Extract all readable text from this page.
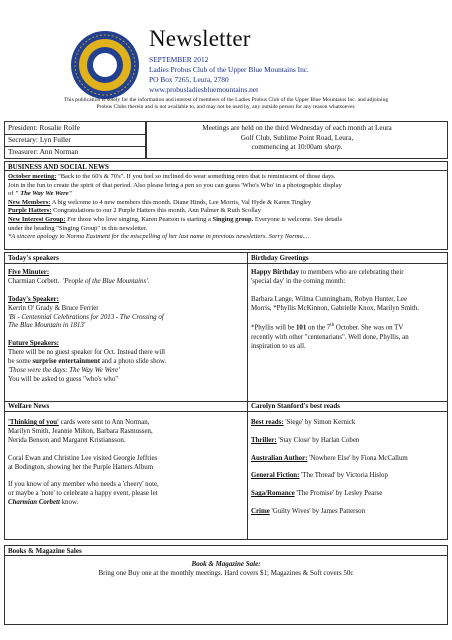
Newsletter
SEPTEMBER 2012
Ladies Probus Club of the Upper Blue Mountains Inc.
PO Box 7265, Leura, 2780
www.probusladiesbluemountains.net
This publication is solely for the information and interest of members of the Ladies Probus Club of the Upper Blue Mountains Inc. and adjoining
Probus Clubs therein and is not available to, and may not be used by, any outside person for any reason whatsoever.
President: Rosalie Rolfe
Secretary: Lyn Fuller
Treasurer: Ann Norman
Meetings are held on the third Wednesday of each month at Leura
Golf Club, Sublime Point Road, Leura,
commencing at 10:00am sharp.
BUSINESS AND SOCIAL NEWS
October meeting: "Back to the 60's & 70's". If you feel so inclined do wear something retro that is reminiscent of those days.
Join in the fun to create the spirit of that period. Also please bring a pen so you can guess 'Who's Who' in a photographic display
of " The Way We Were"
New Members: A big welcome to 4 new members this month. Diane Hinds, Lee Morris, Val Hyde & Karen Tingley
Purple Hatters: Congratulations to our 2 Purple Hatters this month. Ann Palmer & Ruth Scollay
New Interest Group: For those who love singing, Karen Pearson is starting a Singing group. Everyone is welcome. See details
under the heading "Singing Group" in this newsletter.
*A sincere apology to Norma Eastment for the miscpelling of her last name in previous newsletters. Sorry Norma....
Today's speakers	Birthday Greetings

Five Minuter:

Charmian Corbett. 'People of the Blue Mountains'.

Today's Speaker:

Kerrin O' Grady & Bruce Ferrier

'Bi - Centennial Celebrations for 2013 - The Crossing of

The Blue Mountain in 1813'

Future Speakers:

There will be no guest speaker for Oct. Instead there will

be some surprise entertainment and a photo slide show.

'Those were the days: The Way We Were'

You will be asked to guess "who's who"

Happy Birthday to members who are celebrating their

'special day' in the coming month:

Barbara Lange, Wilma Cunningham, Robyn Hunter, Lee

Morris, *Phyllis McKinnon, Gabrielle Knox, Marilyn Smith.

*Phyllis will be 101 on the 7th October. She was on TV

recently with other "centenarians". Well done, Phyllis, an

inspiration to us all.

Welfare News	Carolyn Stanford's best reads

'Thinking of you' cards were sent to Ann Norman,

Marilyn Smith, Jeannie Milton, Barbara Rasmussen,

Nerida Benson and Margaret Kristiansson.

Coral Ewan and Christine Lee visited Georgie Jeffries

at Bodington, showing her the Purple Hatters Album

If you know of any member who needs a 'cheery' note,

or maybe a 'note' to celebrate a happy event, please let

Charmian Corbett know.

Best reads: 'Siege' by Simon Kernick

Thriller: 'Stay Close' by Harlan Coben

Australian Author: 'Nowhere Else' by Fiona McCallum

General Fiction: 'The Thread' by Victoria Hislop

Saga/Romance 'The Promise' by Lesley Pearse

Crime 'Guilty Wives' by James Patterson

Books & Magazine Sales
Book & Magazine Sale:
Bring one Buy one at the monthly meetings. Hard covers $1; Magazines & Soft covers 50c
